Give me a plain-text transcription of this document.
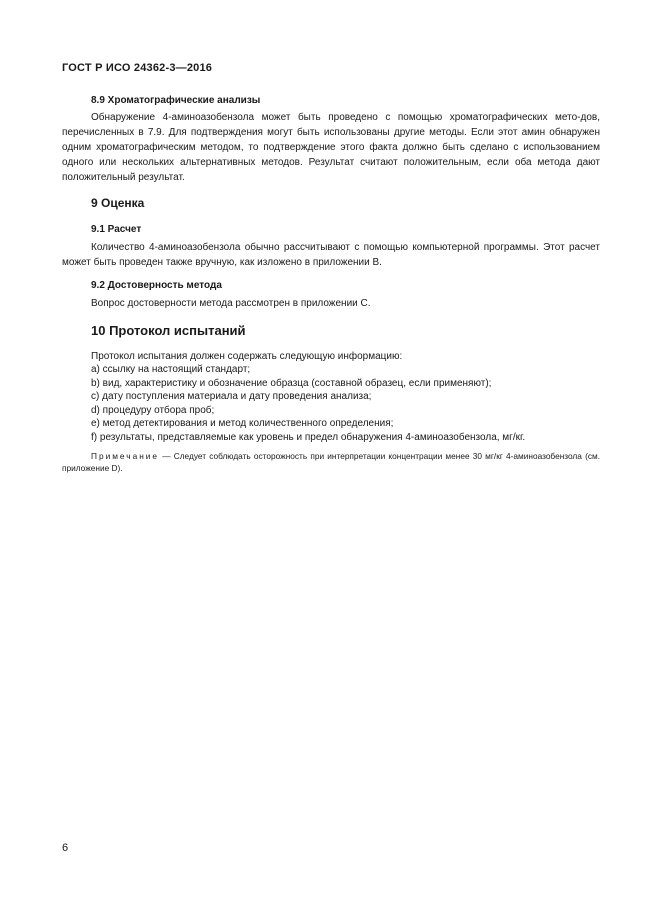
ГОСТ Р ИСО 24362-3—2016
8.9 Хроматографические анализы
Обнаружение 4-аминоазобензола может быть проведено с помощью хроматографических мето-дов, перечисленных в 7.9. Для подтверждения могут быть использованы другие методы. Если этот амин обнаружен одним хроматографическим методом, то подтверждение этого факта должно быть сделано с использованием одного или нескольких альтернативных методов. Результат считают положительным, если оба метода дают положительный результат.
9 Оценка
9.1 Расчет
Количество 4-аминоазобензола обычно рассчитывают с помощью компьютерной программы. Этот расчет может быть проведен также вручную, как изложено в приложении В.
9.2 Достоверность метода
Вопрос достоверности метода рассмотрен в приложении С.
10 Протокол испытаний
Протокол испытания должен содержать следующую информацию:
a) ссылку на настоящий стандарт;
b) вид, характеристику и обозначение образца (составной образец, если применяют);
c) дату поступления материала и дату проведения анализа;
d) процедуру отбора проб;
e) метод детектирования и метод количественного определения;
f) результаты, представляемые как уровень и предел обнаружения 4-аминоазобензола, мг/кг.
Примечание — Следует соблюдать осторожность при интерпретации концентрации менее 30 мг/кг 4-аминоазобензола (см. приложение D).
6
